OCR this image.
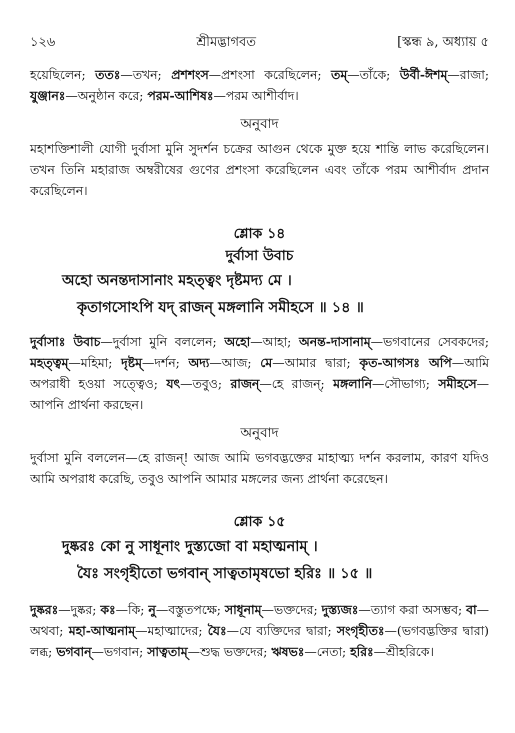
১২৬	শ্রীমদ্ভাগবত	[স্কন্ধ ৯, অধ্যায় ৫

হয়েছিলেন; ততঃ—তখন; প্রশশংস—প্রশংসা করেছিলেন; তম্—তাঁকে; উর্বী-ঈশম্—রাজা; যুঞ্জানঃ—অনুষ্ঠান করে; পরম-আশিষঃ—পরম আশীর্বাদ।

অনুবাদ

মহাশক্তিশালী যোগী দুর্বাসা মুনি সুদর্শন চক্রের আগুন থেকে মুক্ত হয়ে শান্তি লাভ করেছিলেন। তখন তিনি মহারাজ অম্বরীষের গুণের প্রশংসা করেছিলেন এবং তাঁকে পরম আশীর্বাদ প্রদান করেছিলেন।

শ্লোক ১৪
দুর্বাসা উবাচ
অহো অনন্তদাসানাং মহত্ত্বং দৃষ্টমদ্য মে ।
কৃতাগসোঽপি যদ্ রাজন্ মঙ্গলানি সমীহসে ॥ ১৪ ॥

দুর্বাসাঃ উবাচ—দুর্বাসা মুনি বললেন; অহো—আহা; অনন্ত-দাসানাম্—ভগবানের সেবকদের; মহত্ত্বম্—মহিমা; দৃষ্টম্—দর্শন; অদ্য—আজ; মে—আমার দ্বারা; কৃত-আগসঃ অপি—আমি অপরাধী হওয়া সত্ত্বেও; যৎ—তবুও; রাজন্—হে রাজন্; মঙ্গলানি—সৌভাগ্য; সমীহসে—আপনি প্রার্থনা করছেন।

অনুবাদ

দুর্বাসা মুনি বললেন—হে রাজন্! আজ আমি ভগবদ্ভক্তের মাহাত্ম্য দর্শন করলাম, কারণ যদিও আমি অপরাধ করেছি, তবুও আপনি আমার মঙ্গলের জন্য প্রার্থনা করেছেন।

শ্লোক ১৫
দুষ্করঃ কো নু সাধূনাং দুস্ত্যজো বা মহাত্মনাম্ ।
যৈঃ সংগৃহীতো ভগবান্ সাত্বতামৃষভো হরিঃ ॥ ১৫ ॥

দুষ্করঃ—দুষ্কর; কঃ—কি; নু—বস্তুতপক্ষে; সাধূনাম্—ভক্তদের; দুস্ত্যজঃ—ত্যাগ করা অসম্ভব; বা—অথবা; মহা-আত্মনাম্—মহাত্মাদের; যৈঃ—যে ব্যক্তিদের দ্বারা; সংগৃহীতঃ—(ভগবদ্ভক্তির দ্বারা) লব্ধ; ভগবান্—ভগবান; সাত্বতাম্—শুদ্ধ ভক্তদের; ঋষভঃ—নেতা; হরিঃ—শ্রীহরিকে।
